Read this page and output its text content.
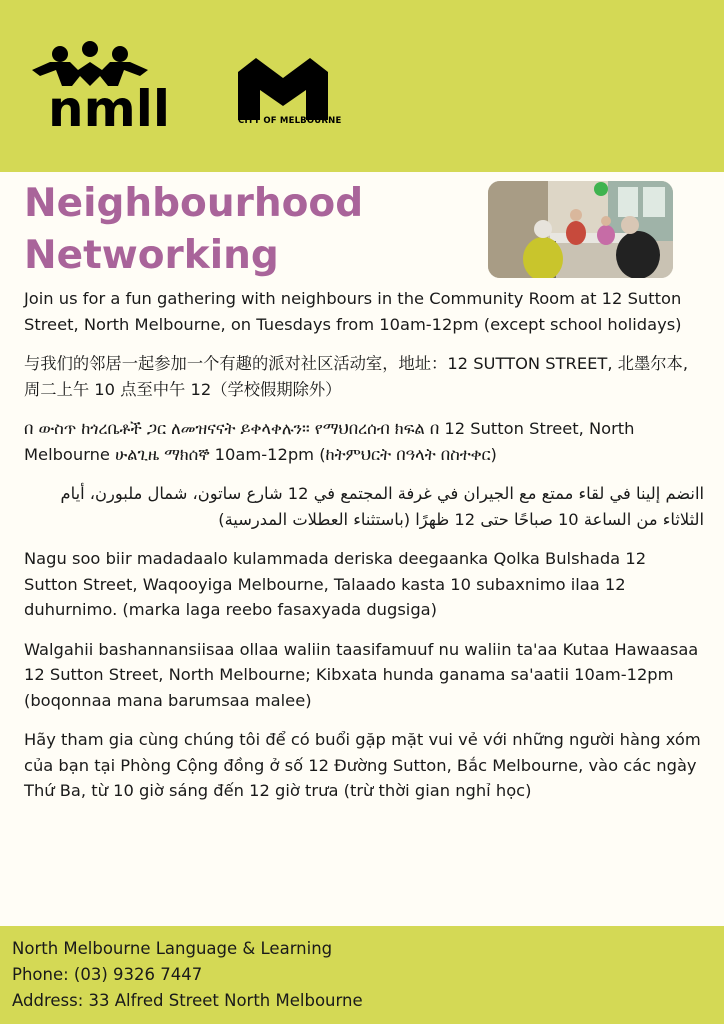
nmll	CITY OF MELBOURNE
Neighbourhood
Networking

Join us for a fun gathering with neighbours in the Community Room at 12 Sutton Street, North Melbourne, on Tuesdays from 10am-12pm (except school holidays)

与我们的邻居一起参加一个有趣的派对社区活动室，地址：12 SUTTON STREET, 北墨尔本, 周二上午 10 点至中午 12（学校假期除外）

በ ውስጥ ከጎረቤቶች ጋር ለመዝናናት ይቀላቀሉን። የማህበረሰብ ክፍል በ 12 Sutton Street, North Melbourne ሁልጊዜ ማክሰኞ 10am-12pm (ከትምህርት በዓላት በስተቀር)

اانضم إلينا في لقاء ممتع مع الجيران في غرفة المجتمع في 12 شارع ساتون، شمال ملبورن، أيام الثلاثاء من الساعة 10 صباحًا حتى 12 ظهرًا (باستثناء العطلات المدرسية)

Nagu soo biir madadaalo kulammada deriska deegaanka Qolka Bulshada 12 Sutton Street, Waqooyiga Melbourne, Talaado kasta 10 subaxnimo ilaa 12 duhurnimo. (marka laga reebo fasaxyada dugsiga)

Walgahii bashannansiisaa ollaa waliin taasifamuuf nu waliin ta'aa Kutaa Hawaasaa 12 Sutton Street, North Melbourne; Kibxata hunda ganama sa'aatii 10am-12pm (boqonnaa mana barumsaa malee)

Hãy tham gia cùng chúng tôi để có buổi gặp mặt vui vẻ với những người hàng xóm của bạn tại Phòng Cộng đồng ở số 12 Đường Sutton, Bắc Melbourne, vào các ngày Thứ Ba, từ 10 giờ sáng đến 12 giờ trưa (trừ thời gian nghỉ học)

North Melbourne Language & Learning
Phone: (03) 9326 7447
Address: 33 Alfred Street North Melbourne
